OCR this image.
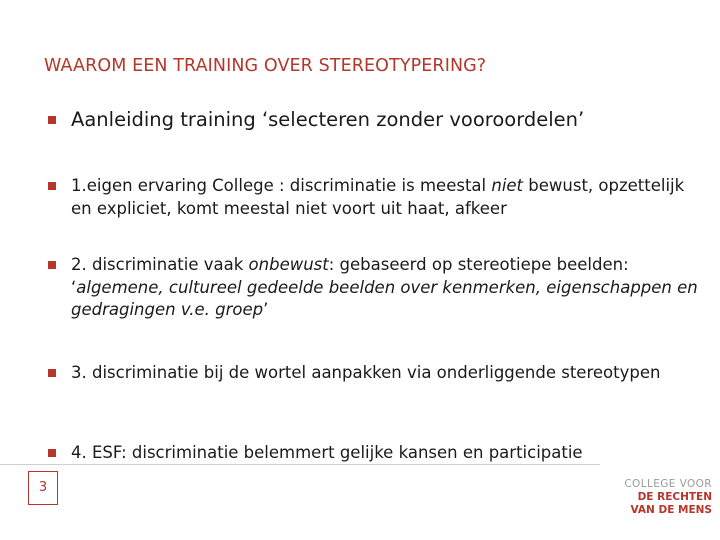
WAAROM EEN TRAINING OVER STEREOTYPERING?
Aanleiding training ‘selecteren zonder vooroordelen’
1.eigen ervaring College : discriminatie is meestal niet bewust, opzettelijk en expliciet, komt meestal niet voort uit haat, afkeer
2. discriminatie vaak onbewust: gebaseerd op stereotiepe beelden: ‘algemene, cultureel gedeelde beelden over kenmerken, eigenschappen en gedragingen v.e. groep’
3. discriminatie bij de wortel aanpakken via onderliggende stereotypen
4. ESF: discriminatie belemmert gelijke kansen en participatie
3	COLLEGE VOOR
DE RECHTEN
VAN DE MENS
